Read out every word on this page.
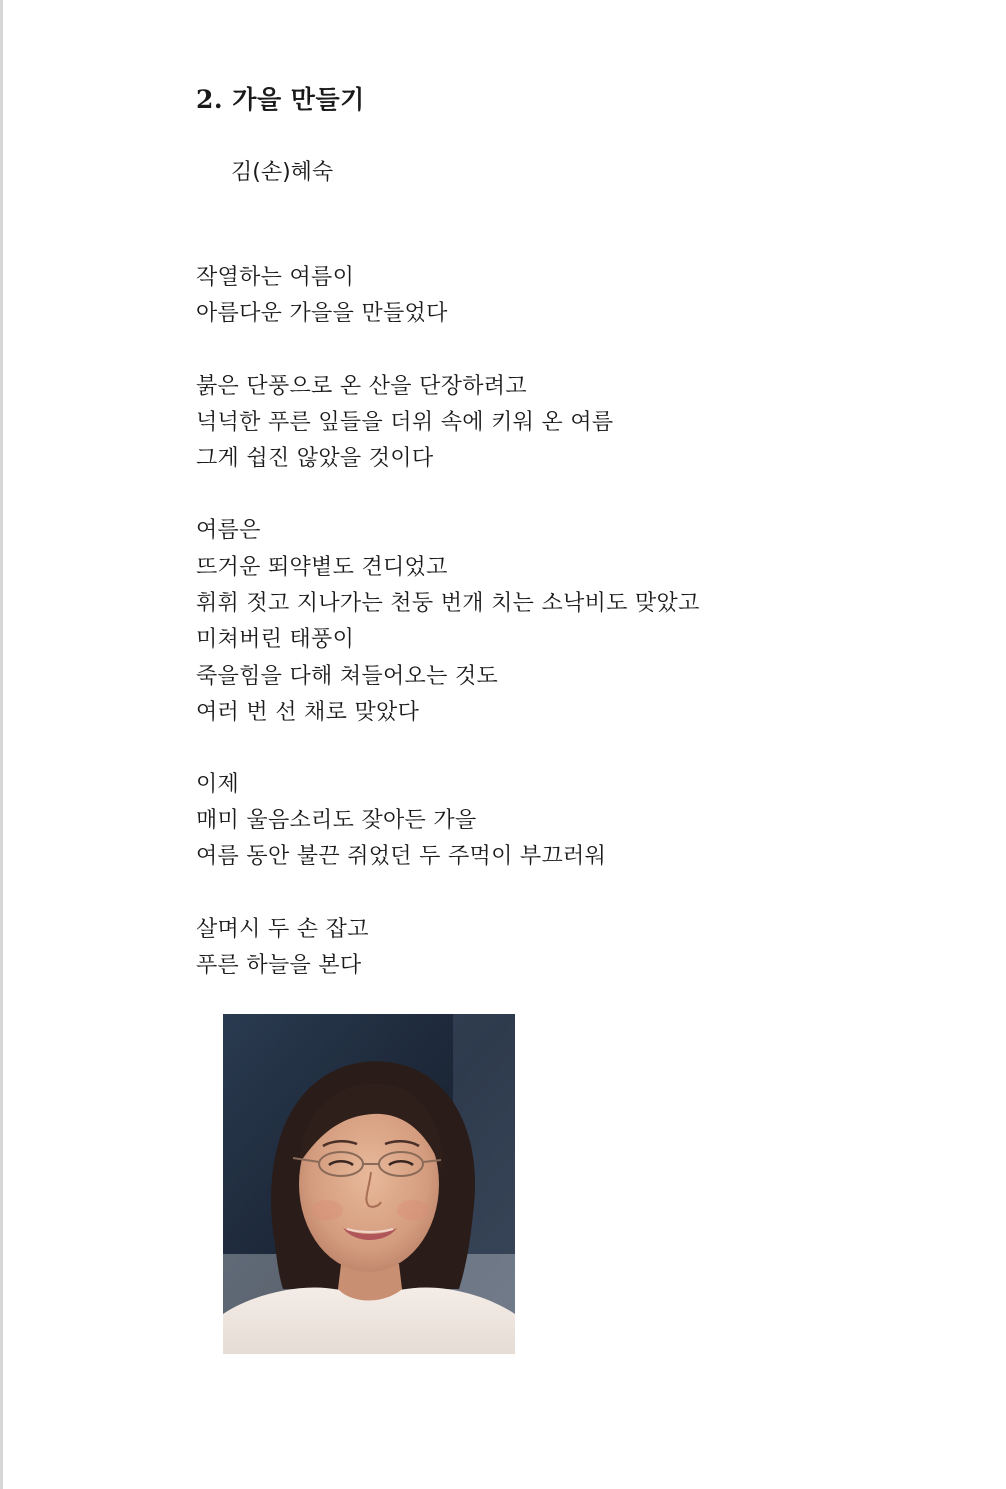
2. 가을 만들기
김(손)혜숙
작열하는 여름이
아름다운 가을을 만들었다
붉은 단풍으로 온 산을 단장하려고
넉넉한 푸른 잎들을 더위 속에 키워 온 여름
그게 쉽진 않았을 것이다
여름은
뜨거운 뙤약볕도 견디었고
휘휘 젓고 지나가는 천둥 번개 치는 소낙비도 맞았고
미쳐버린 태풍이
죽을힘을 다해 쳐들어오는 것도
여러 번 선 채로 맞았다
이제
매미 울음소리도 잦아든 가을
여름 동안 불끈 쥐었던 두 주먹이 부끄러워
살며시 두 손 잡고
푸른 하늘을 본다
